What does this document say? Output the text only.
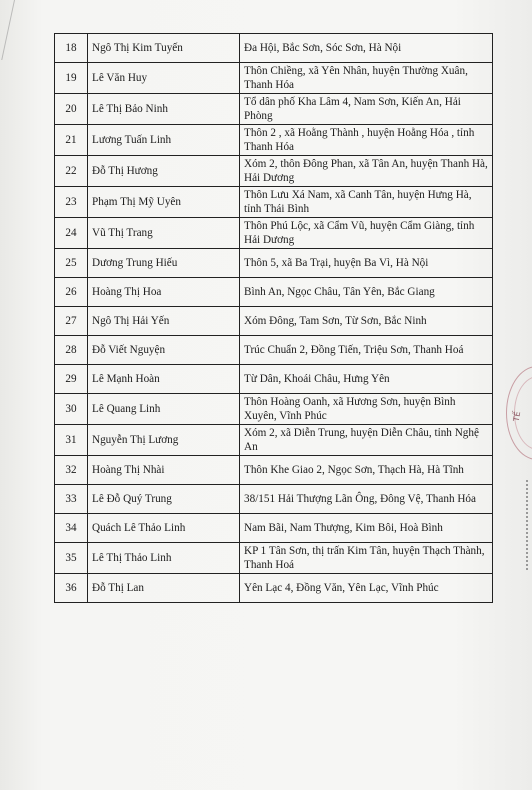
18	Ngô Thị Kim Tuyến	Đa Hội, Bắc Sơn, Sóc Sơn, Hà Nội
19	Lê Văn Huy	Thôn Chiềng, xã Yên Nhân, huyện Thường Xuân, Thanh Hóa
20	Lê Thị Bảo Ninh	Tổ dân phố Kha Lâm 4, Nam Sơn, Kiến An, Hải Phòng
21	Lương Tuấn Linh	Thôn 2 , xã Hoằng Thành , huyện Hoằng Hóa , tỉnh Thanh Hóa
22	Đỗ Thị Hương	Xóm 2, thôn Đông Phan, xã Tân An, huyện Thanh Hà, Hải Dương
23	Phạm Thị Mỹ Uyên	Thôn Lưu Xá Nam, xã Canh Tân, huyện Hưng Hà, tỉnh Thái Bình
24	Vũ Thị Trang	Thôn Phú Lộc, xã Cẩm Vũ, huyện Cẩm Giàng, tỉnh Hải Dương
25	Dương Trung Hiếu	Thôn 5, xã Ba Trại, huyện Ba Vì, Hà Nội
26	Hoàng Thị Hoa	Bình An, Ngọc Châu, Tân Yên, Bắc Giang
27	Ngô Thị Hải Yến	Xóm Đông, Tam Sơn, Từ Sơn, Bắc Ninh
28	Đỗ Viết Nguyện	Trúc Chuẩn 2, Đồng Tiến, Triệu Sơn, Thanh Hoá
29	Lê Mạnh Hoàn	Từ Dân, Khoái Châu, Hưng Yên
30	Lê Quang Linh	Thôn Hoàng Oanh, xã Hương Sơn, huyện Bình Xuyên, Vĩnh Phúc
31	Nguyễn Thị Lương	Xóm 2, xã Diễn Trung, huyện Diễn Châu, tỉnh Nghệ An
32	Hoàng Thị Nhài	Thôn Khe Giao 2, Ngọc Sơn, Thạch Hà, Hà Tĩnh
33	Lê Đỗ Quý Trung	38/151 Hải Thượng Lãn Ông, Đông Vệ, Thanh Hóa
34	Quách Lê Thảo Linh	Nam Bãi, Nam Thượng, Kim Bôi, Hoà Bình
35	Lê Thị Thảo Linh	KP 1 Tân Sơn, thị trấn Kim Tân, huyện Thạch Thành, Thanh Hoá
36	Đỗ Thị Lan	Yên Lạc 4, Đồng Văn, Yên Lạc, Vĩnh Phúc
TẾ
